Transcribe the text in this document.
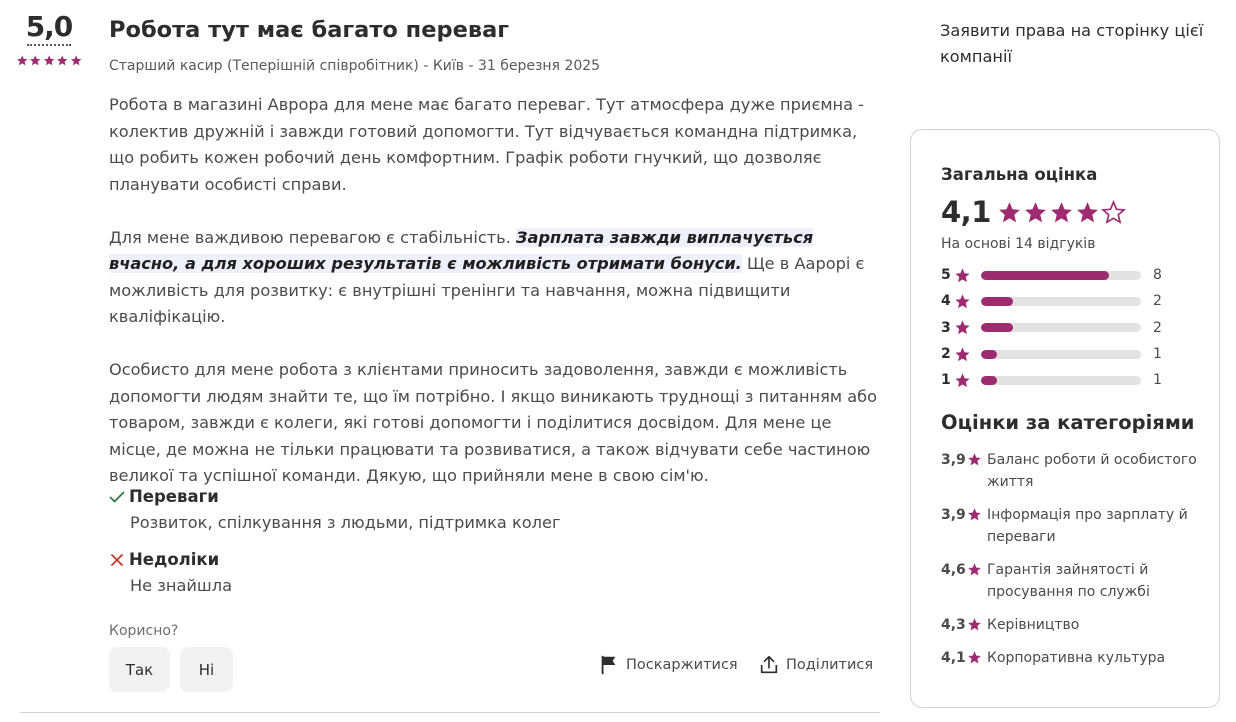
5,0	Робота тут має багато переваг
Старший касир (Теперішній співробітник) - Київ - 31 березня 2025

Робота в магазині Аврора для мене має багато переваг. Тут атмосфера дуже приємна - колектив дружній і завжди готовий допомогти. Тут відчувається командна підтримка, що робить кожен робочий день комфортним. Графік роботи гнучкий, що дозволяє планувати особисті справи.

Для мене важдивою перевагою є стабільність. Зарплата завжди виплачується вчасно, а для хороших результатів є можливість отримати бонуси. Ще в Аарорі є можливість для розвитку: є внутрішні тренінги та навчання, можна підвищити кваліфікацію.

Особисто для мене робота з клієнтами приносить задоволення, завжди є можливість допомогти людям знайти те, що їм потрібно. І якщо виникають труднощі з питанням або товаром, завжди є колеги, які готові допомогти і поділитися досвідом. Для мене це місце, де можна не тільки працювати та розвиватися, а також відчувати себе частиною великої та успішної команди. Дякую, що прийняли мене в свою сім'ю.

Переваги
Розвиток, спілкування з людьми, підтримка колег
Недоліки
Не знайшла
Корисно?
Так	Ні	Поскаржитися	Поділитися
Заявити права на сторінку цієї компанії
Загальна оцінка
4,1
На основі 14 відгуків
5	8
4	2
3	2
2	1
1	1
Оцінки за категоріями
3,9 Баланс роботи й особистого життя
3,9 Інформація про зарплату й переваги
4,6 Гарантія зайнятості й просування по службі
4,3 Керівництво
4,1 Корпоративна культура
